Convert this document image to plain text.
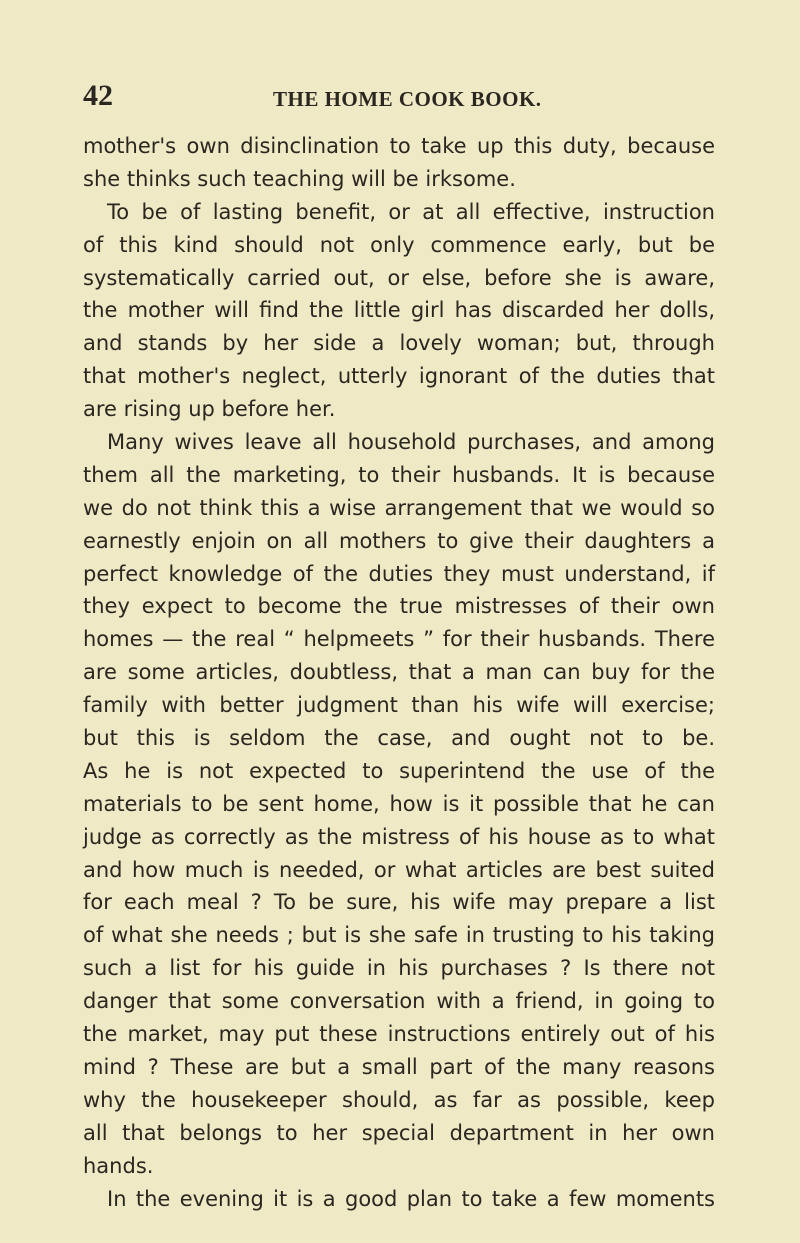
42	THE HOME COOK BOOK.
mother's own disinclination to take up this duty, because
she thinks such teaching will be irksome.
To be of lasting benefit, or at all effective, instruction
of this kind should not only commence early, but be
systematically carried out, or else, before she is aware,
the mother will find the little girl has discarded her dolls,
and stands by her side a lovely woman; but, through
that mother's neglect, utterly ignorant of the duties that
are rising up before her.
Many wives leave all household purchases, and among
them all the marketing, to their husbands. It is because
we do not think this a wise arrangement that we would so
earnestly enjoin on all mothers to give their daughters a
perfect knowledge of the duties they must understand, if
they expect to become the true mistresses of their own
homes — the real “ helpmeets ” for their husbands. There
are some articles, doubtless, that a man can buy for the
family with better judgment than his wife will exercise;
but this is seldom the case, and ought not to be.
As he is not expected to superintend the use of the
materials to be sent home, how is it possible that he can
judge as correctly as the mistress of his house as to what
and how much is needed, or what articles are best suited
for each meal ? To be sure, his wife may prepare a list
of what she needs ; but is she safe in trusting to his taking
such a list for his guide in his purchases ? Is there not
danger that some conversation with a friend, in going to
the market, may put these instructions entirely out of his
mind ? These are but a small part of the many reasons
why the housekeeper should, as far as possible, keep
all that belongs to her special department in her own
hands.
In the evening it is a good plan to take a few moments
